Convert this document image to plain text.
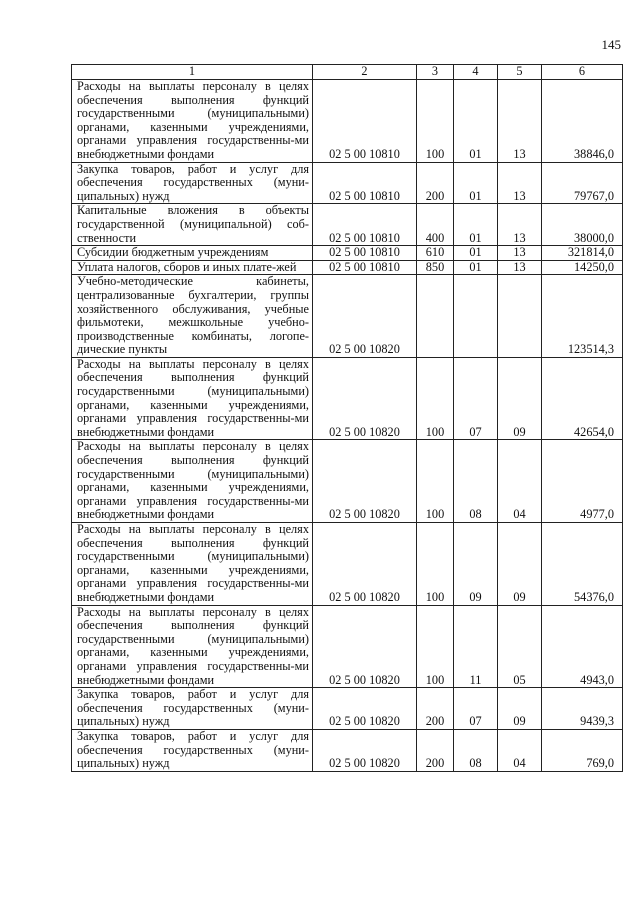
145
1	2	3	4	5	6
Расходы на выплаты персоналу в целях обеспечения выполнения функций государственными (муниципальными) органами, казенными учреждениями, органами управления государственны-ми внебюджетными фондами	02 5 00 10810	100	01	13	38846,0
Закупка товаров, работ и услуг для обеспечения государственных (муни-ципальных) нужд	02 5 00 10810	200	01	13	79767,0
Капитальные вложения в объекты государственной (муниципальной) соб-ственности	02 5 00 10810	400	01	13	38000,0
Субсидии бюджетным учреждениям	02 5 00 10810	610	01	13	321814,0
Уплата налогов, сборов и иных плате-жей	02 5 00 10810	850	01	13	14250,0
Учебно-методические кабинеты, централизованные бухгалтерии, группы хозяйственного обслуживания, учебные фильмотеки, межшкольные учебно-производственные комбинаты, логопе-дические пункты	02 5 00 10820				123514,3
Расходы на выплаты персоналу в целях обеспечения выполнения функций государственными (муниципальными) органами, казенными учреждениями, органами управления государственны-ми внебюджетными фондами	02 5 00 10820	100	07	09	42654,0
Расходы на выплаты персоналу в целях обеспечения выполнения функций государственными (муниципальными) органами, казенными учреждениями, органами управления государственны-ми внебюджетными фондами	02 5 00 10820	100	08	04	4977,0
Расходы на выплаты персоналу в целях обеспечения выполнения функций государственными (муниципальными) органами, казенными учреждениями, органами управления государственны-ми внебюджетными фондами	02 5 00 10820	100	09	09	54376,0
Расходы на выплаты персоналу в целях обеспечения выполнения функций государственными (муниципальными) органами, казенными учреждениями, органами управления государственны-ми внебюджетными фондами	02 5 00 10820	100	11	05	4943,0
Закупка товаров, работ и услуг для обеспечения государственных (муни-ципальных) нужд	02 5 00 10820	200	07	09	9439,3
Закупка товаров, работ и услуг для обеспечения государственных (муни-ципальных) нужд	02 5 00 10820	200	08	04	769,0
